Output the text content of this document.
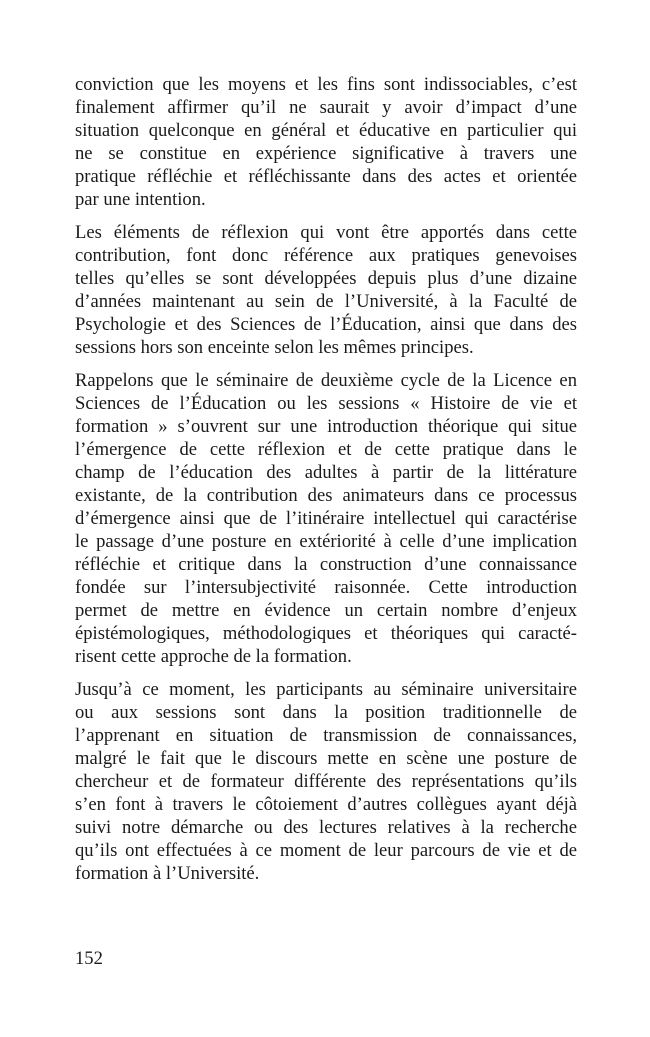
conviction que les moyens et les fins sont indissociables, c’est
finalement affirmer qu’il ne saurait y avoir d’impact d’une
situation quelconque en général et éducative en particulier qui
ne se constitue en expérience significative à travers une
pratique réfléchie et réfléchissante dans des actes et orientée
par une intention.

Les éléments de réflexion qui vont être apportés dans cette
contribution, font donc référence aux pratiques genevoises
telles qu’elles se sont développées depuis plus d’une dizaine
d’années maintenant au sein de l’Université, à la Faculté de
Psychologie et des Sciences de l’Éducation, ainsi que dans des
sessions hors son enceinte selon les mêmes principes.

Rappelons que le séminaire de deuxième cycle de la Licence en
Sciences de l’Éducation ou les sessions « Histoire de vie et
formation » s’ouvrent sur une introduction théorique qui situe
l’émergence de cette réflexion et de cette pratique dans le
champ de l’éducation des adultes à partir de la littérature
existante, de la contribution des animateurs dans ce processus
d’émergence ainsi que de l’itinéraire intellectuel qui caractérise
le passage d’une posture en extériorité à celle d’une implication
réfléchie et critique dans la construction d’une connaissance
fondée sur l’intersubjectivité raisonnée. Cette introduction
permet de mettre en évidence un certain nombre d’enjeux
épistémologiques, méthodologiques et théoriques qui caracté-
risent cette approche de la formation.

Jusqu’à ce moment, les participants au séminaire universitaire
ou aux sessions sont dans la position traditionnelle de
l’apprenant en situation de transmission de connaissances,
malgré le fait que le discours mette en scène une posture de
chercheur et de formateur différente des représentations qu’ils
s’en font à travers le côtoiement d’autres collègues ayant déjà
suivi notre démarche ou des lectures relatives à la recherche
qu’ils ont effectuées à ce moment de leur parcours de vie et de
formation à l’Université.

152
